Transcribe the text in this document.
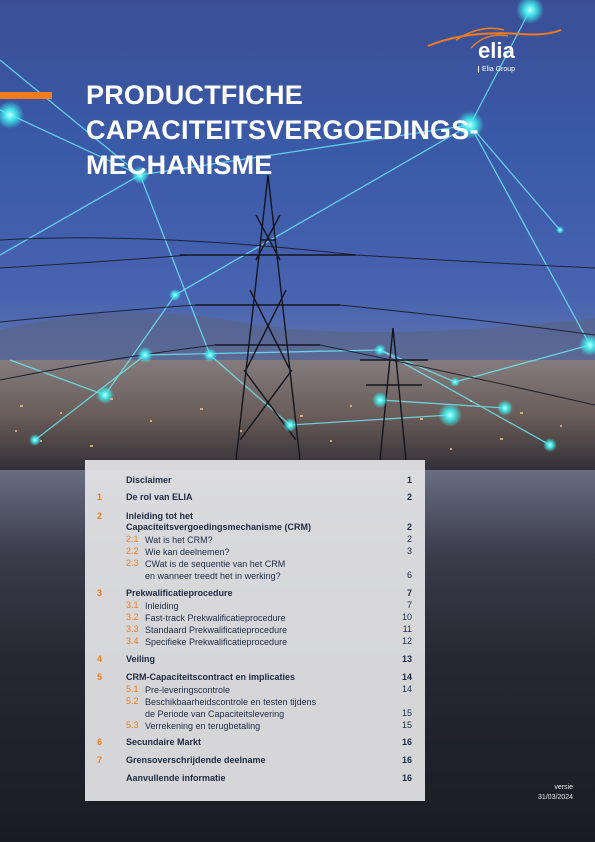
elia
Elia Group
PRODUCTFICHE
CAPACITEITSVERGOEDINGS-
MECHANISME
Disclaimer	1
1	De rol van ELIA	2
2	Inleiding tot het
Capaciteitsvergoedingsmechanisme (CRM)	2
2.1 Wat is het CRM?	2
2.2 Wie kan deelnemen?	3
2.3 CWat is de sequentie van het CRM
en wanneer treedt het in werking?	6
3	Prekwalificatieprocedure	7
3.1 Inleiding	7
3.2 Fast-track Prekwalificatieprocedure	10
3.3 Standaard Prekwalificatieprocedure	11
3.4 Specifieke Prekwalificatieprocedure	12
4	Veiling	13
5	CRM-Capaciteitscontract en implicaties	14
5.1 Pre-leveringscontrole	14
5.2 Beschikbaarheidscontrole en testen tijdens
de Periode van Capaciteitslevering	15
5.3 Verrekening en terugbetaling	15
6	Secundaire Markt	16
7	Grensoverschrijdende deelname	16
Aanvullende informatie	16
versie
31/03/2024
